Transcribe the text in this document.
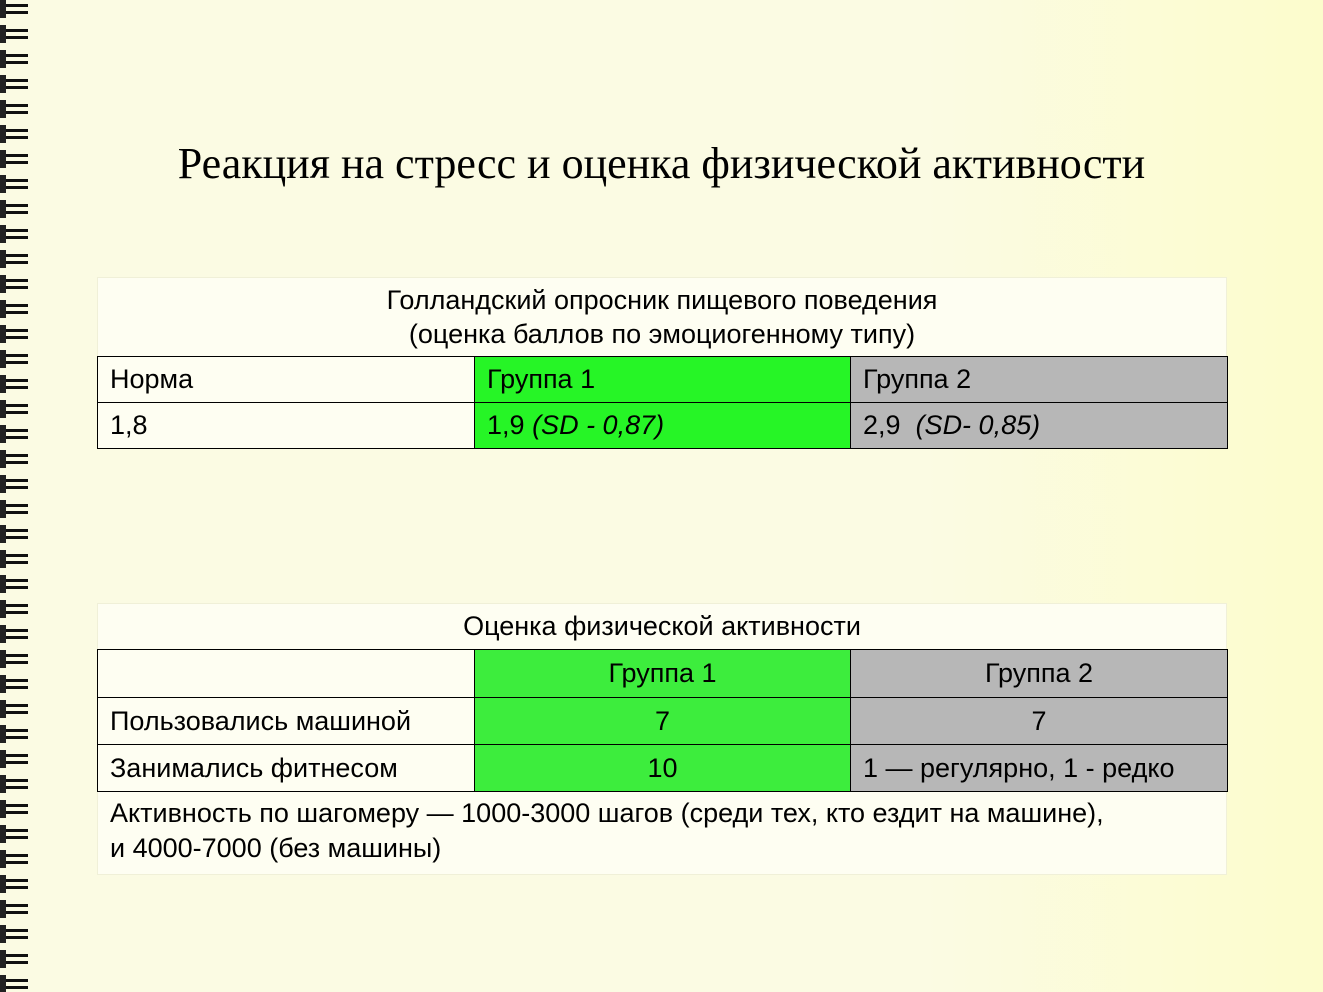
Реакция на стресс и оценка физической активности
Голландский опросник пищевого поведения
(оценка баллов по эмоциогенному типу)
Норма	Группа 1	Группа 2
1,8	1,9 (SD - 0,87)	2,9  (SD- 0,85)
Оценка физической активности
	Группа 1	Группа 2
Пользовались машиной	7	7
Занимались фитнесом	10	1 — регулярно, 1 - редко
Активность по шагомеру — 1000-3000 шагов (среди тех, кто ездит на машине),
и 4000-7000 (без машины)
